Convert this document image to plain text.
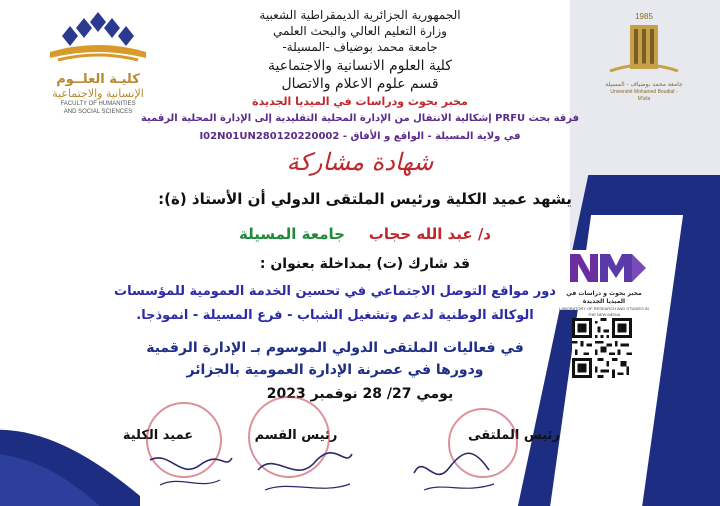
كليـة العلــوم
الإنسانية والاجتماعية
FACULTY OF HUMANITIES
AND SOCIAL SCIENCES
1985
جامعة محمد بوضياف - المسيلة
Université Mohamed Boudiaf - M'sila
الجمهورية الجزائرية الديمقراطية الشعبية
وزارة التعليم العالي والبحث العلمي
جامعة محمد بوضياف -المسيلة-
كلية العلوم الانسانية والاجتماعية
قسم علوم الاعلام والاتصال
مخبر بحوث ودراسات في الميديا الجديدة
فرقة بحث PRFU إشكالية الانتقال من الإدارة المحلية التقليدية إلى الإدارة المحلية الرقمية
في ولاية المسيلة - الواقع و الأفاق - I02N01UN280120220002
شهادة مشاركة
يشهد عميد الكلية ورئيس الملتقى الدولي أن الأستاذ (ة):
د/ عبد الله حجاب     جامعة المسيلة
قد شارك (ت) بمداخلة بعنوان :
دور مواقع التوصل الاجتماعي في تحسين الخدمة العمومية للمؤسسات
الوكالة الوطنية لدعم وتشغيل الشباب - فرع المسيلة - انموذجا.
في فعاليات الملتقى الدولي الموسوم بـ الإدارة الرقمية
ودورها في عصرنة الإدارة العمومية بالجزائر
يومي 27/ 28 نوفمبر 2023
مخبر بحوث و دراسات في الميديا الجديدة
LABORATORY OF RESEARCH AND STUDIES IN THE NEW MEDIA
رئيس الملتقى
رئيس القسم
عميد الكلية
